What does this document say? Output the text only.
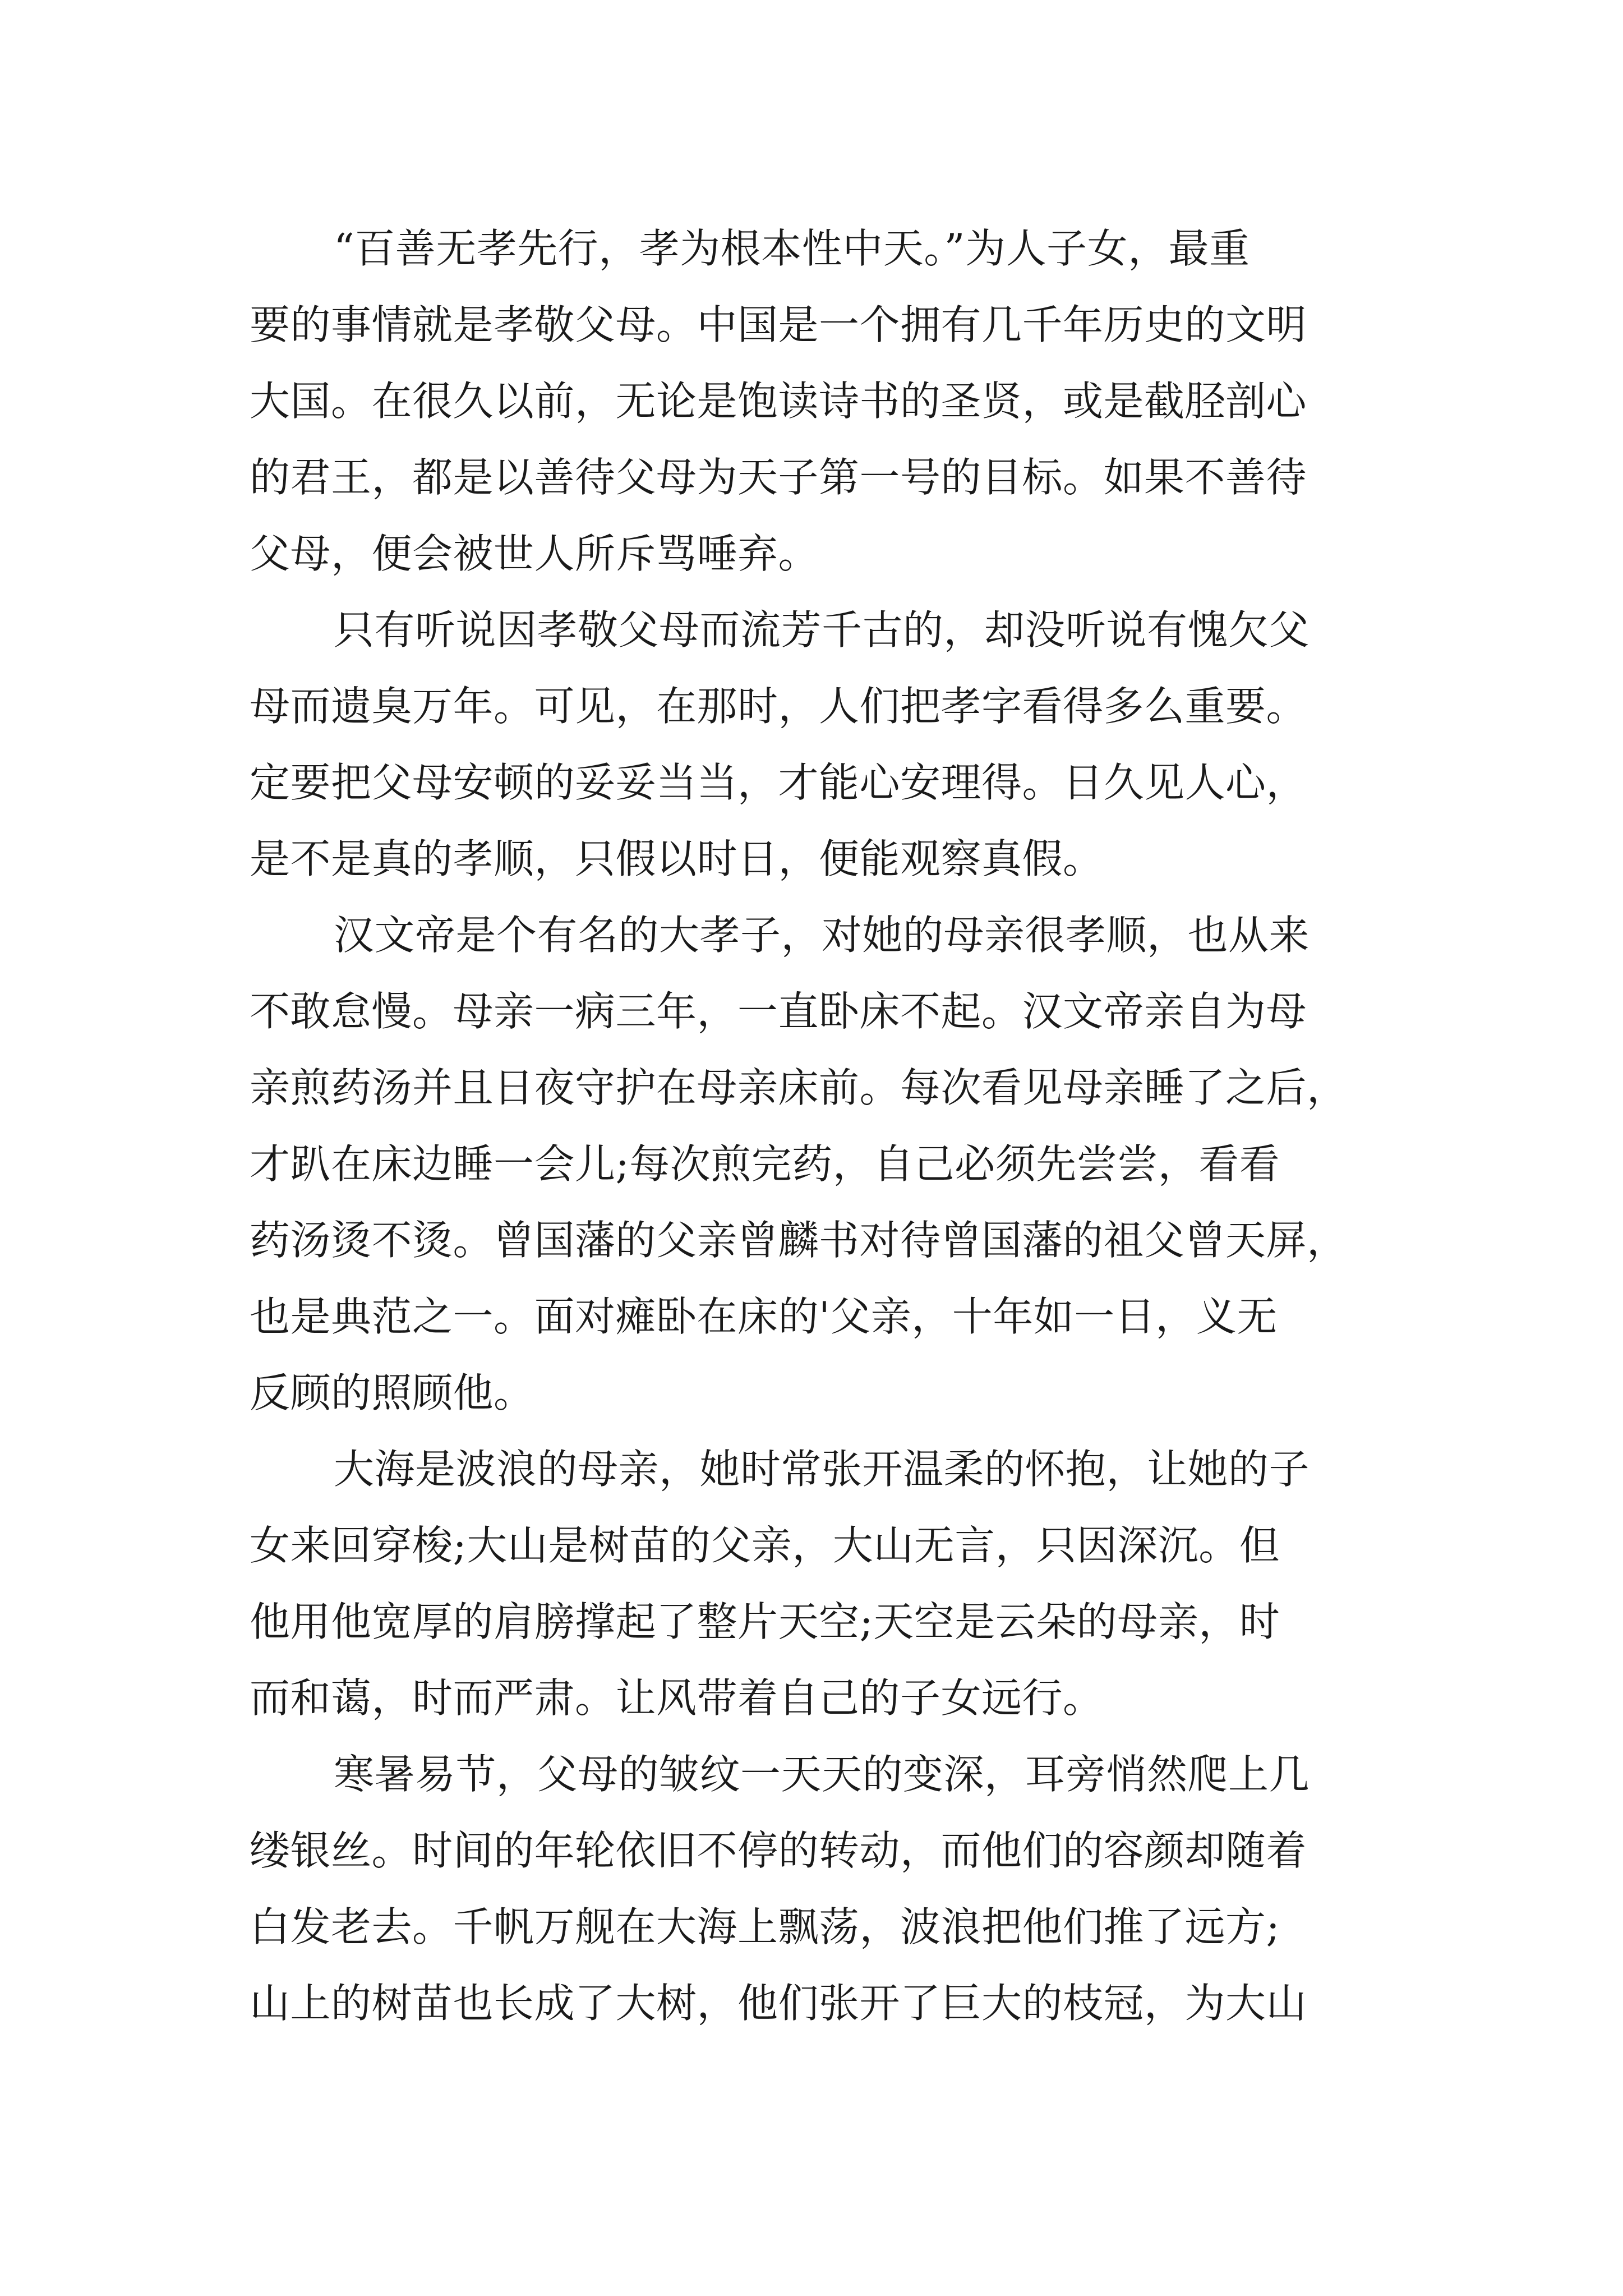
“百善无孝先行，孝为根本性中天。”为人子女，最重
要的事情就是孝敬父母。中国是一个拥有几千年历史的文明
大国。在很久以前，无论是饱读诗书的圣贤，或是截胫剖心
的君王，都是以善待父母为天子第一号的目标。如果不善待
父母，便会被世人所斥骂唾弃。
只有听说因孝敬父母而流芳千古的，却没听说有愧欠父
母而遗臭万年。可见，在那时，人们把孝字看得多么重要。
定要把父母安顿的妥妥当当，才能心安理得。日久见人心，
是不是真的孝顺，只假以时日，便能观察真假。
汉文帝是个有名的大孝子，对她的母亲很孝顺，也从来
不敢怠慢。母亲一病三年，一直卧床不起。汉文帝亲自为母
亲煎药汤并且日夜守护在母亲床前。每次看见母亲睡了之后，
才趴在床边睡一会儿;每次煎完药，自己必须先尝尝，看看
药汤烫不烫。曾国藩的父亲曾麟书对待曾国藩的祖父曾天屏，
也是典范之一。面对瘫卧在床的'父亲，十年如一日，义无
反顾的照顾他。
大海是波浪的母亲，她时常张开温柔的怀抱，让她的子
女来回穿梭;大山是树苗的父亲，大山无言，只因深沉。但
他用他宽厚的肩膀撑起了整片天空;天空是云朵的母亲，时
而和蔼，时而严肃。让风带着自己的子女远行。
寒暑易节，父母的皱纹一天天的变深，耳旁悄然爬上几
缕银丝。时间的年轮依旧不停的转动，而他们的容颜却随着
白发老去。千帆万舰在大海上飘荡，波浪把他们推了远方;
山上的树苗也长成了大树，他们张开了巨大的枝冠，为大山
